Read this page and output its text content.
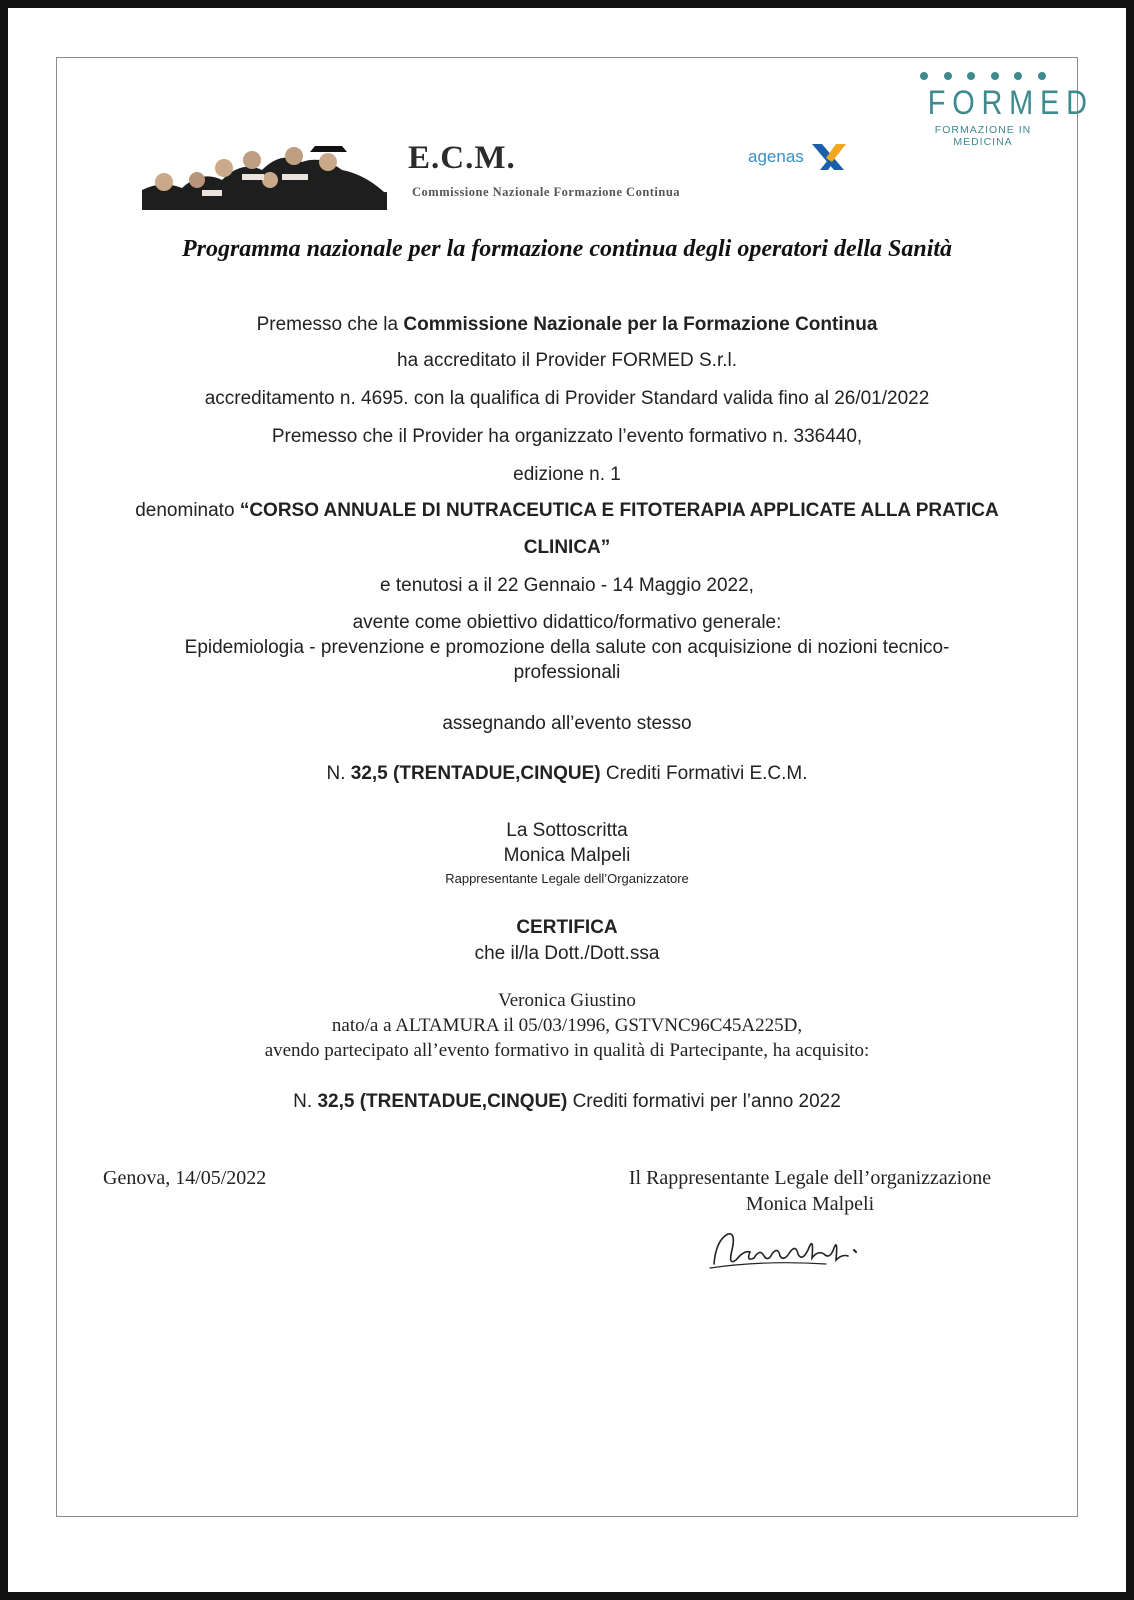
E.C.M.
Commissione Nazionale Formazione Continua
agenas
FORMED
FORMAZIONE IN MEDICINA
Programma nazionale per la formazione continua degli operatori della Sanità
Premesso che la Commissione Nazionale per la Formazione Continua
ha accreditato il Provider FORMED S.r.l.
accreditamento n. 4695. con la qualifica di Provider Standard valida fino al 26/01/2022
Premesso che il Provider ha organizzato l’evento formativo n. 336440,
edizione n. 1
denominato “CORSO ANNUALE DI NUTRACEUTICA E FITOTERAPIA APPLICATE ALLA PRATICA
CLINICA”
e tenutosi a il 22 Gennaio - 14 Maggio 2022,
avente come obiettivo didattico/formativo generale:
Epidemiologia - prevenzione e promozione della salute con acquisizione di nozioni tecnico-
professionali
assegnando all’evento stesso
N. 32,5 (TRENTADUE,CINQUE) Crediti Formativi E.C.M.
La Sottoscritta
Monica Malpeli
Rappresentante Legale dell’Organizzatore
CERTIFICA
che il/la Dott./Dott.ssa
Veronica Giustino
nato/a a ALTAMURA il 05/03/1996, GSTVNC96C45A225D,
avendo partecipato all’evento formativo in qualità di Partecipante, ha acquisito:
N. 32,5 (TRENTADUE,CINQUE) Crediti formativi per l’anno 2022
Genova, 14/05/2022	Il Rappresentante Legale dell’organizzazione
Monica Malpeli
